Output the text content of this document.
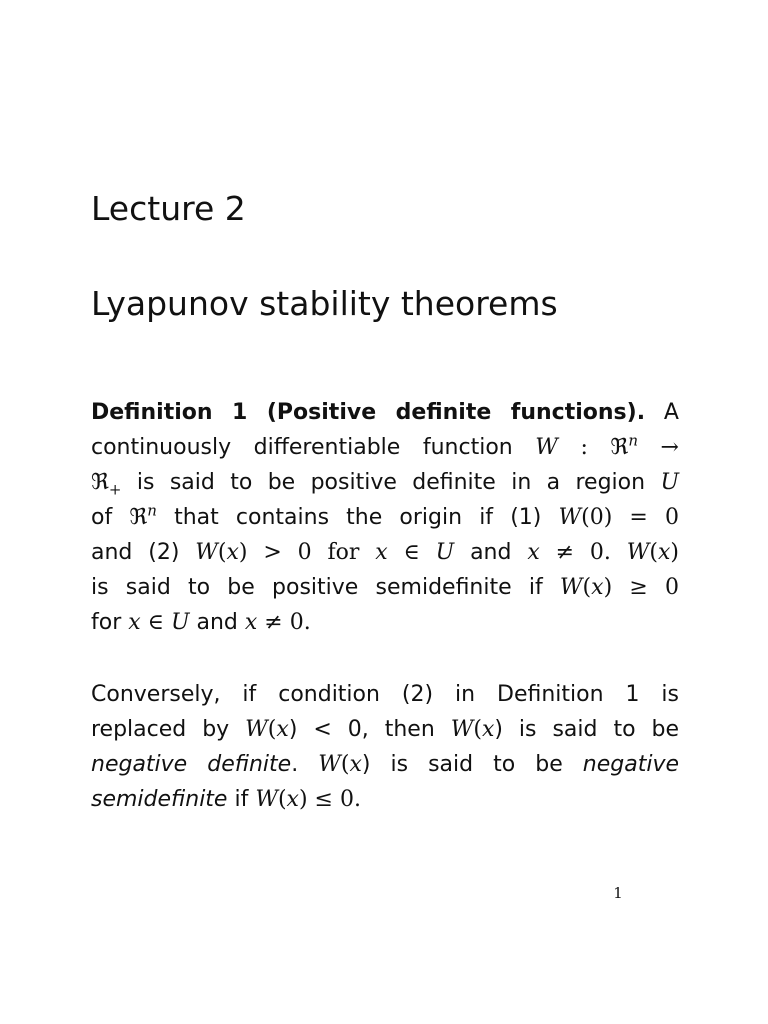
Lecture 2
Lyapunov stability theorems

Definition 1 (Positive definite functions). A
continuously differentiable function W : ℜ$^n$ →
ℜ$_+$ is said to be positive definite in a region U
of ℜ$^n$ that contains the origin if (1) W(0) = 0
and (2) W(x) > 0 for x ∈ U and x ≠ 0. W(x)
is said to be positive semidefinite if W(x) ≥ 0
for x ∈ U and x ≠ 0.

Conversely, if condition (2) in Definition 1 is
replaced by W(x) < 0, then W(x) is said to be
negative definite. W(x) is said to be negative
semidefinite if W(x) ≤ 0.

1
